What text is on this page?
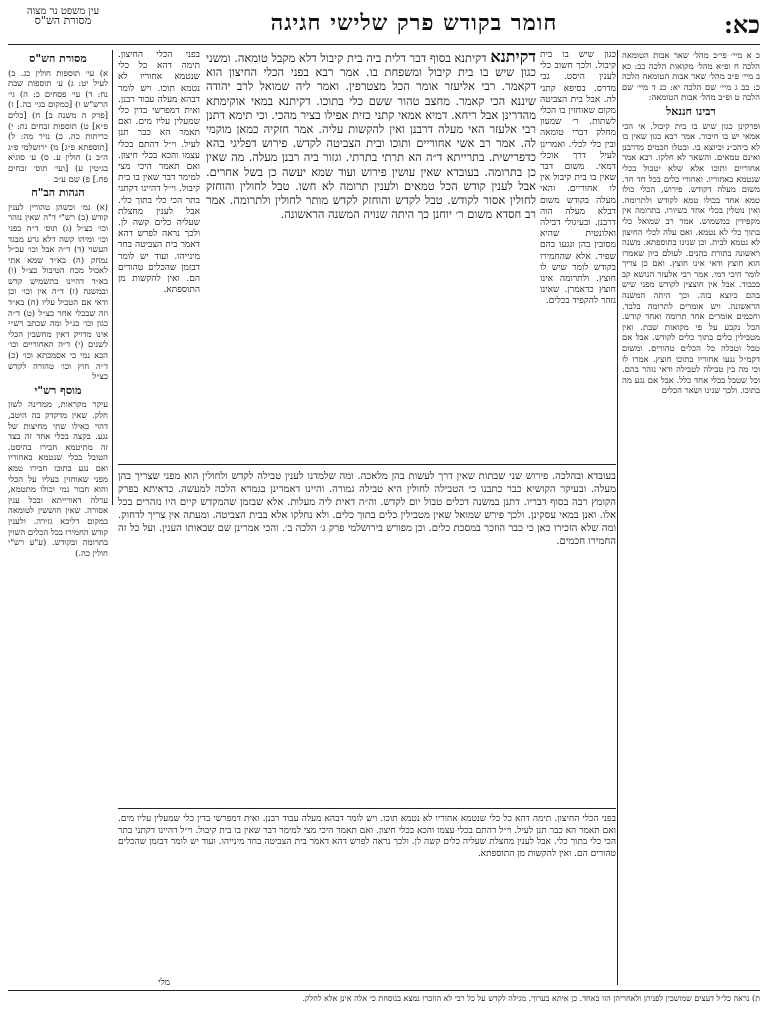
כא:
חומר בקודש פרק שלישי חגיגה
מסורת הש"ס
עין משפט נר מצוה
מסורת הש"ס

א) עי׳ תוספות חולין כג. ב) לעיל יט: ג) ע׳ תוספות שבת נח: ד) עי׳ פסחים כ: ה) גי׳ הרש"ש ו) [כמקום בגי׳ כה.] ז) [פרק ה משנה ב] ח) [כלים פ״א] ט) תוספות זבחים נח: י) כריתות כה. כ) נזיר מה: ל) [תוספתא פ״ג] מ) ירושלמי פ״ג ה״ב נ) חולין ע. ס) ע׳ סוגיא בגיטין ע) [ועי׳ תוס׳ זבחים פח.] פ) שם ע״ב

הגהות הב"ח

(א) גמ׳ וכשהן טהורין לענין קודש (ב) רש"י ד"ה שאין נזהר וכו׳ כצ״ל (ג) תוס׳ ד״ה בפני וכו׳ ומיהו קשה דלא גרע מבגד העשוי (ד) ד״ה אבל וכו׳ עכ״ל נמחק (ה) בא״ד שמא אתי לאכול מכח הטיבול כצ״ל (ו) בא״ד דהיינו בתשמיש קדש ובמשנה (ז) ד״ה אין וכו׳ וכן ודאי אם הטביל עליו (ח) בא״ד וזה שבכלי אחר כצ״ל (ט) ד״ה כגון וכו׳ כנ״ל ומה שכתב רש״י אינו מדויק דאין מחשבין הכלי לשנים (י) ד״ה האחוריים וכו׳ הכא נמי כי אסמכתא וכו׳ (כ) ד״ה חוץ וכו׳ טהורה לקדש כצ״ל

מוסף רש"י

עיקר מקראות, ממדינה לשון חלק. שאין מדקדק בה היטב, דהוי כאילו שתי מחיצות של נגע. בקצה בכלי אחד זה בצד זה מתיטמא חבירו בהיסט. הטובל בכלי שנטמא באחוריו ואם נגע בתוכו חבירו טמא מפני שאוחזין בעליו על הכלי והוא חבור נמי וכולו מתטמא, ערלה דאורייתא ובכל ענין אסורה. שאין חוששין לטומאה במקום דליכא גזירה. ולענין קודש החמירו בכל הכלים השוין בתרומה ובקודש. (ע"ע רש"י חולין כה.)

כ א מיי׳ פי״ב מהל׳ שאר אבות הטומאה הלכה ח ופ״א מהל׳ מקואות הלכה כב: כא ב מיי׳ פ״ב מהל׳ שאר אבות הטומאה הלכה כ: כב ג מיי׳ שם הלכה יא: כג ד מיי׳ שם הלכה ט ופ״ב מהל׳ אבות הטומאה:

רבינו חננאל

ופרקינן כגון שיש בו בית קיבול. אי הכי אמאי יש בו חיבור. אמר רבא כגון שאין בו לא ביהכ״נ וכיוצא בו. ובטלו חכמים מדרבנן ואינם טמאים. והשאר לא חלקו. רבא אמר אחוריים ותוכו אלא שלא יטבול בכלי שנטמא באחוריו. ואחורי כלים בכל חד חד. משום מעלה דקודש. פירוש, הכלי כולו טמא אחד בכולו טמא לקודש ולתרומה. ואין נוטלין בכלי אחד בשיורו. בתרומה אין מקפידין במשמוש. אמר רב שמואל כלי בתוך כלי לא נטמא. ואם עלה לכלי החיצון לא נטמא לבית. וכן שנינו בתוספתא. משנה ראשונה בתורת כהנים. לעולם כיון שאמרו הוא חוצץ ודאי אינו חוצץ. ואם כן צריך לומר היכי דמי. אמר רבי אלעזר הנושא קב בכבוד. אבל אין חוצצין לקודש מפני שיש בהם כיוצא בזה. וכך היתה המשנה הראשונה. ויש אומרים לתרומה בלבד. וחכמים אומרים אחד תרומה ואחד קודש. הכל נקבע על פי מקואות שבת. ואין מטבילין כלים בתוך כלים לקודש. אבל אם טבל וטבלה כל הכלים טהורים. ומשום דקמ״ל נגעו אחוריו בתוכו חוצץ. אמרו לו וכי מה בין טבילה לטבילה ודאי נזהר בהם. וכל שטבל בכלי אחד כלל. אבל אם נגע מה בתוכו. ולכך שנינו ושאר הכלים

בפני הכלי החיצון. תימה דהא כל כלי שנטמא אחוריו לא נטמא תוכו. ויש לומר דבהא מעלה עבוד רבנן. ואית דמפרשי בדין כלי שמעלין עליו מים. ואם תאמר הא כבר תנן לעיל. וי״ל דהתם בכלי עצמו והכא בכלי חיצון. ואם תאמר היכי מצי למימר דבר שאין בו בית קיבול. וי״ל דהיינו דקתני בתר הכי כלי בתוך כלי. אבל לענין מחצלת שעליה כלים קשה לן. ולכך נראה לפרש דהא דאמר בית הצביטה בחד מינייהו. ועוד יש לומר דבזמן שהכלים טהורים הם. ואין להקשות מן התוספתא.
דקיתנא דקיתנא בסוף דבר דלית ביה בית קיבול דלא מקבל טומאה. ומשני כגון שיש בו בית קיבול ומשפחת בו. אמר רבא בפני הכלי החיצון הוא דקאמר. רבי אליעזר אומר הכל מצטרפין. ואמר ליה שמואל לרב יהודה שיננא הכי קאמר. מחצב טהור ששם כלי בתוכו. דקיתנא במאי אוקימתא מהדרינן אבל ריחא. דמיא אמאי קתני כזית אפילו בציר מהכי. וכי תימא דתנן רבי אלעזר האי מעלה דרבנן ואין להקשות עליה. אמר חזקיה כמאן מוקמי לה. אמר רב אשי אחוריים ותוכו ובית הצביטה לקדש. פירוש דפליגי בהא כדפרישית. בתרייתא ד״ה הא תרתי בתרתי. וגזור ביה רבנן מעלה. מה שאין כן בתרומה. בעובדא שאין עושין פירוש ועוד שמא יעשה כן בשל אחרים. אבל לענין קודש הכל טמאים ולענין תרומה לא חשו. טבל לחולין והוחזק לחולין אסור לקודש. טבל לקדש והוחזק לקדש מותר לחולין ולתרומה. אמר רב חסדא משום ר׳ יוחנן כך היתה שנויה המשנה הראשונה.
כגון שיש בו בית קיבול. ולכך חשוב כלי לענין היסט. גבי מדרס. בסיפא קתני לה. אבל בית הצביטה מקום שאוחזין בו הכלי לשתות. ר׳ שמעון מחלק דברי טומאה ובין כלי לכלי. ואמרינן לעיל דרך אוכלי דמאי. משום דבר שאין בו בית קיבול אין לו אחוריים. והאי מעלה בקודש משום דבלא מעלה הוה דרבנן. ובעיגולי דבילה ואלונטית שהיא מסובין בהן ונגעו בהם שפיר. אלא שהחמירו בקודש לומר שיש לו חוצץ. ולתרומה אינו חוצץ כדאמרן. שאינו נזהר להקפיד בכלים.
בעובדא ובהלכה. פירוש שני שבתות שאין דרך לעשות בהן מלאכה. ומה שלמדנו לענין טבילה לקדש ולחולין הוא מפני שצריך בהן מעלה. ובעיקר הקושיא כבר כתבנו כי הטבילה לחולין היא טבילה גמורה. והיינו דאמרינן בגמרא הלכה למעשה. כדאיתא בפרק הקומץ רבה בסוף דבריו. דתנן במשנה דכלים טבול יום לקדש. וה״ה דאית ליה מעלות. אלא שבזמן שהמקדש קיים היו נזהרים בכל אלו. ואנן במאי עסקינן. ולכך פירש שמואל שאין מטבילין כלים בתוך כלים. ולא נחלקו אלא בבית הצביטה. ומעתה אין צריך לדחוק. ומה שלא הזכירו כאן כי כבר הוזכר במסכת כלים. וכן מפורש בירושלמי פרק ג׳ הלכה ב׳. והכי אמרינן שם שבאותו הענין. ועל כל זה החמירו חכמים.
בפני הכלי החיצון. תימה דהא כל כלי שנטמא אחוריו לא נטמא תוכו. ויש לומר דבהא מעלה עבוד רבנן. ואית דמפרשי בדין כלי שמעלין עליו מים. ואם תאמר הא כבר תנן לעיל. וי״ל דהתם בכלי עצמו והכא בכלי חיצון. ואם תאמר היכי מצי למימר דבר שאין בו בית קיבול. וי״ל דהיינו דקתני בתר הכי כלי בתוך כלי. אבל לענין מחצלת שעליה כלים קשה לן. ולכך נראה לפרש דהא דאמר בית הצביטה בחד מינייהו. ועוד יש לומר דבזמן שהכלים טהורים הם. ואין להקשות מן התוספתא.
ת) נראה כל״ל דעצים שמושכין לפניהן ולאחריהן הוו כאחד. כן איתא בערוך. מגילה לקדש על כל רבי לא הוזכרו נמצא בנוסחת כי אלה אינן אלא לחלק.
מלי
